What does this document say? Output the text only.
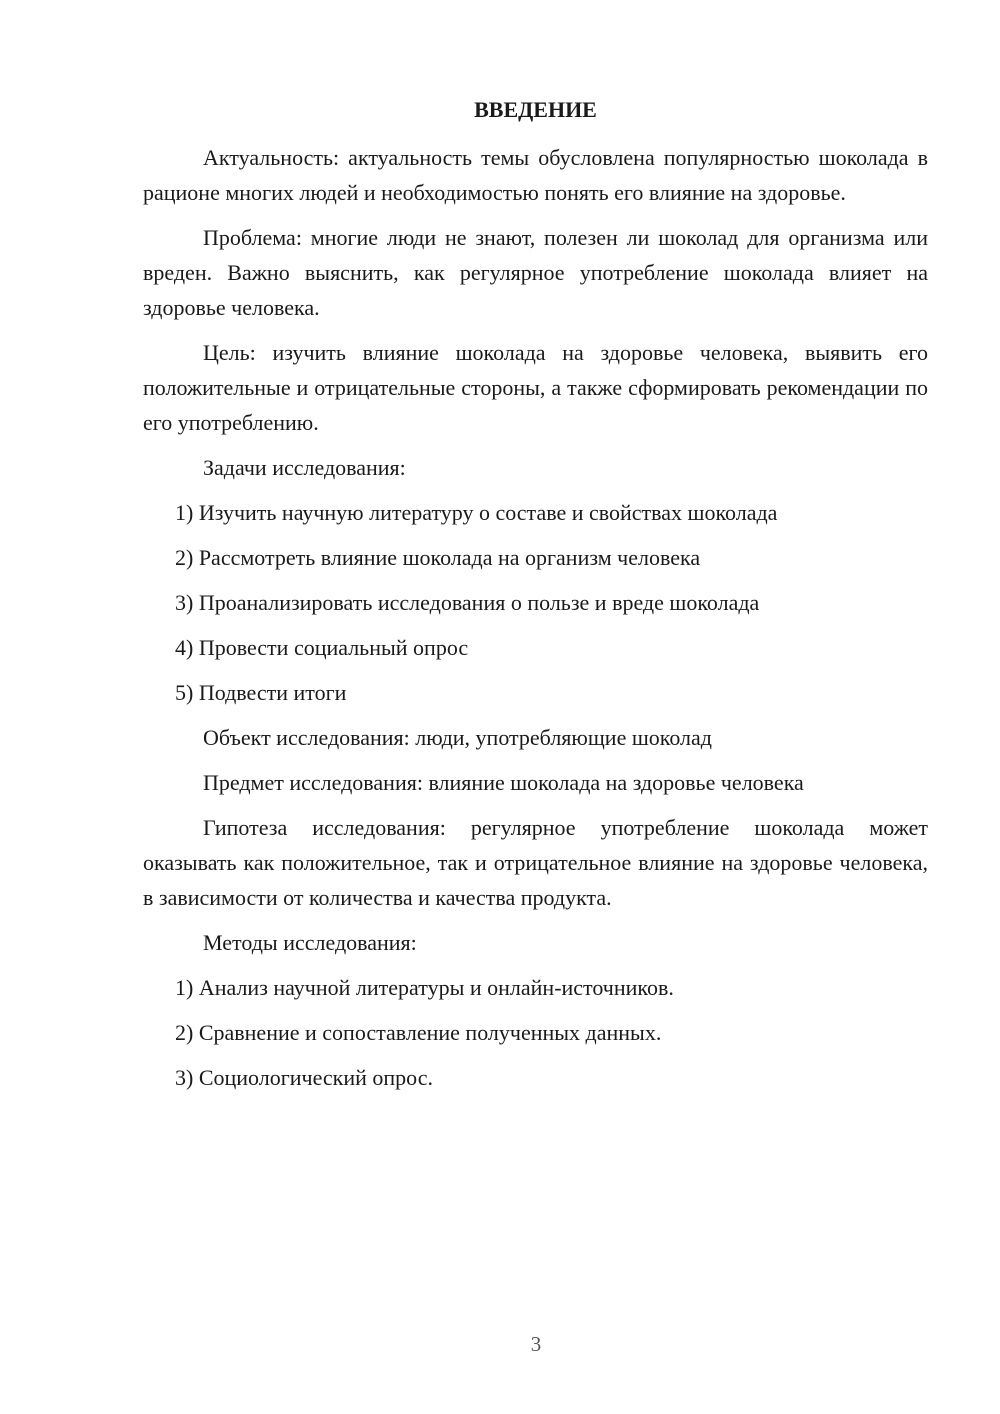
ВВЕДЕНИЕ

Актуальность: актуальность темы обусловлена популярностью шоколада в рационе многих людей и необходимостью понять его влияние на здоровье.

Проблема: многие люди не знают, полезен ли шоколад для организма или вреден. Важно выяснить, как регулярное употребление шоколада влияет на здоровье человека.

Цель: изучить влияние шоколада на здоровье человека, выявить его положительные и отрицательные стороны, а также сформировать рекомендации по его употреблению.

Задачи исследования:
1) Изучить научную литературу о составе и свойствах шоколада
2) Рассмотреть влияние шоколада на организм человека
3) Проанализировать исследования о пользе и вреде шоколада
4) Провести социальный опрос
5) Подвести итоги
Объект исследования: люди, употребляющие шоколад
Предмет исследования: влияние шоколада на здоровье человека

Гипотеза исследования: регулярное употребление шоколада может оказывать как положительное, так и отрицательное влияние на здоровье человека, в зависимости от количества и качества продукта.

Методы исследования:
1) Анализ научной литературы и онлайн-источников.
2) Сравнение и сопоставление полученных данных.
3) Социологический опрос.
3
